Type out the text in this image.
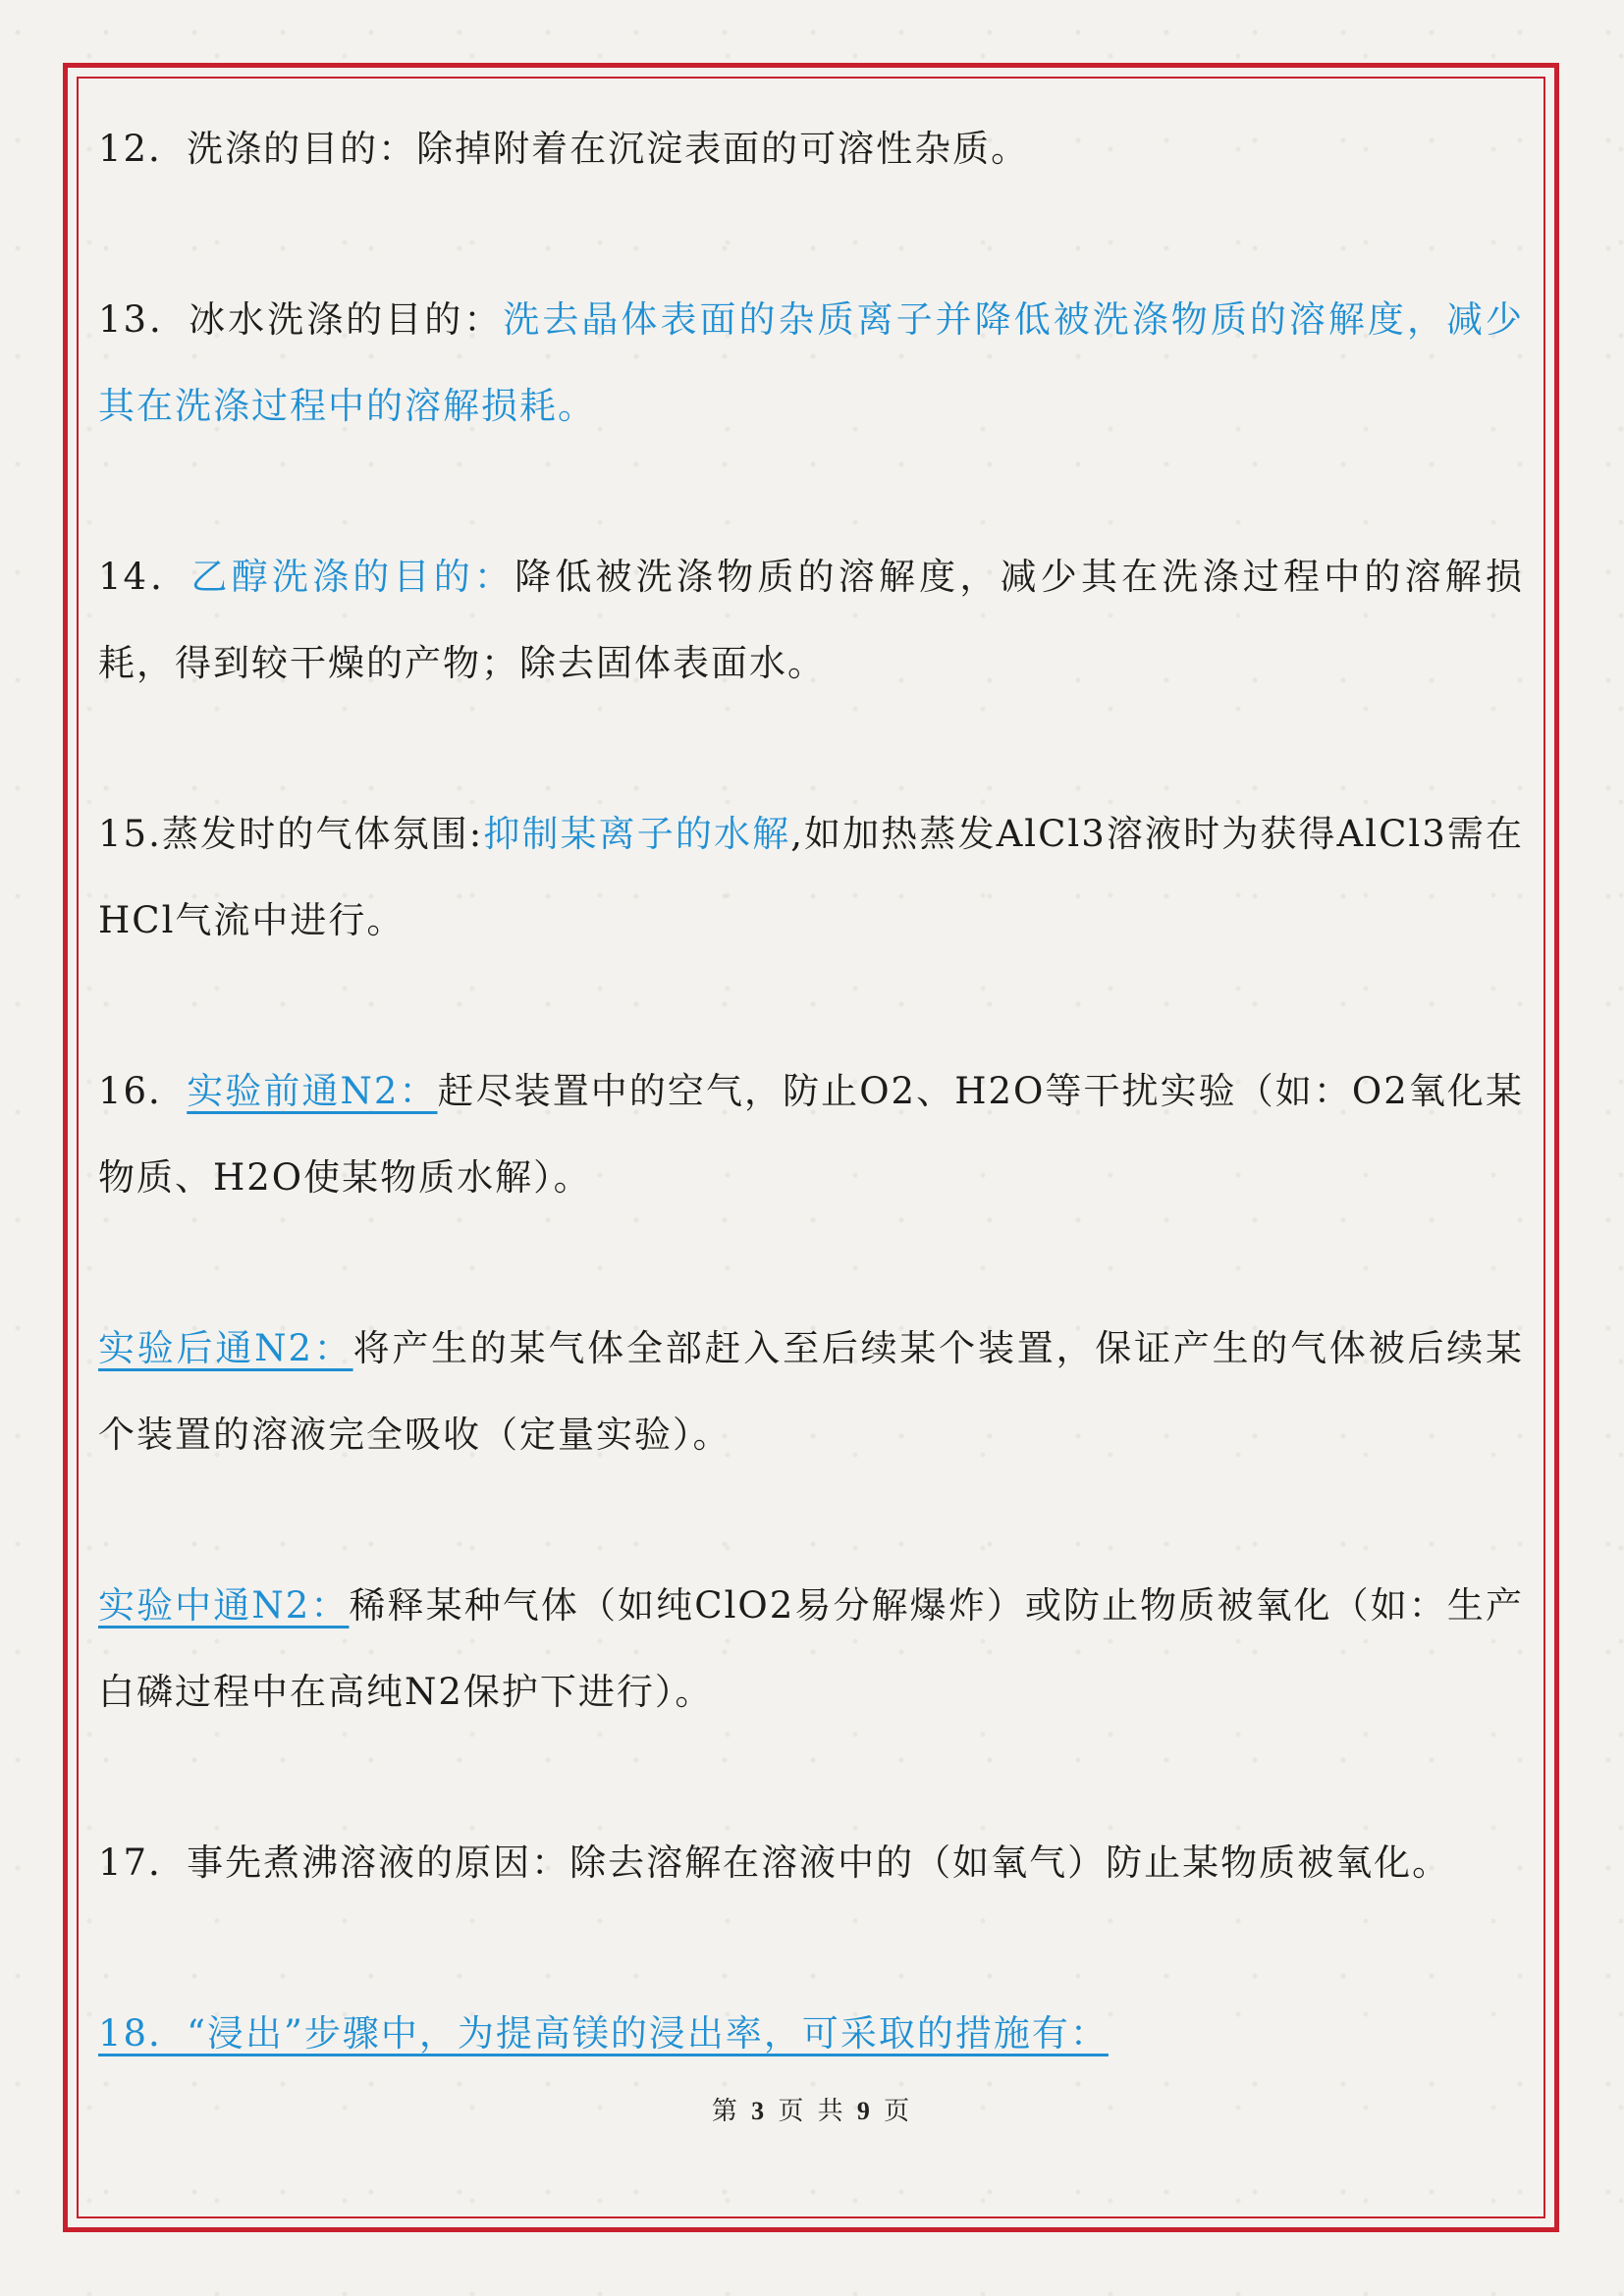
12．洗涤的目的：除掉附着在沉淀表面的可溶性杂质。

13．冰水洗涤的目的：洗去晶体表面的杂质离子并降低被洗涤物质的溶解度，减少其在洗涤过程中的溶解损耗。

14．乙醇洗涤的目的：降低被洗涤物质的溶解度，减少其在洗涤过程中的溶解损耗，得到较干燥的产物；除去固体表面水。

15.蒸发时的气体氛围:抑制某离子的水解,如加热蒸发AlCl3溶液时为获得AlCl3需在HCl气流中进行。

16．实验前通N2：赶尽装置中的空气，防止O2、H2O等干扰实验（如：O2氧化某物质、H2O使某物质水解）。

实验后通N2：将产生的某气体全部赶入至后续某个装置，保证产生的气体被后续某个装置的溶液完全吸收（定量实验）。

实验中通N2：稀释某种气体（如纯ClO2易分解爆炸）或防止物质被氧化（如：生产白磷过程中在高纯N2保护下进行）。

17．事先煮沸溶液的原因：除去溶解在溶液中的（如氧气）防止某物质被氧化。

18．“浸出”步骤中，为提高镁的浸出率，可采取的措施有：

第 3 页 共 9 页
